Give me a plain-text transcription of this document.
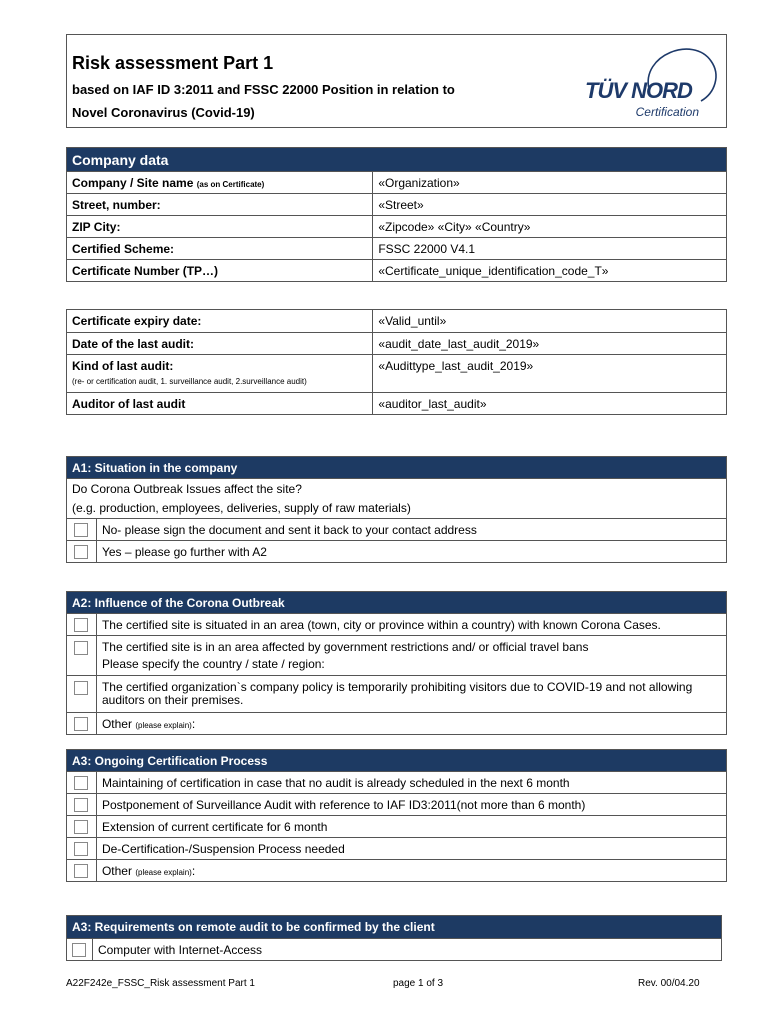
Risk assessment Part 1
based on IAF ID 3:2011 and FSSC 22000 Position in relation to
Novel Coronavirus (Covid-19)
TÜV NORD
Certification
Company data	
Company / Site name (as on Certificate)	«Organization»
Street, number:	«Street»
ZIP City:	«Zipcode» «City» «Country»
Certified Scheme:	FSSC 22000 V4.1
Certificate Number (TP…)	«Certificate_unique_identification_code_T»
Certificate expiry date:	«Valid_until»
Date of the last audit:	«audit_date_last_audit_2019»

Kind of last audit:
(re- or certification audit, 1. surveillance audit, 2.surveillance audit)	«Audittype_last_audit_2019»
Auditor of last audit	«auditor_last_audit»
A1: Situation in the company	

Do Corona Outbreak Issues affect the site?
(e.g. production, employees, deliveries, supply of raw materials)	

	No- please sign the document and sent it back to your contact address
	Yes – please go further with A2
A2: Influence of the Corona Outbreak	
	The certified site is situated in an area (town, city or province within a country) with known Corona Cases.

	The certified site is in an area affected by government restrictions and/ or official travel bans
Please specify the country / state / region:

	The certified organization`s company policy is temporarily prohibiting visitors due to COVID-19 and not allowing auditors on their premises.
	Other (please explain):
A3: Ongoing Certification Process	
	Maintaining of certification in case that no audit is already scheduled in the next 6 month
	Postponement of Surveillance Audit with reference to IAF ID3:2011(not more than 6 month)
	Extension of current certificate for 6 month
	De-Certification-/Suspension Process needed
	Other (please explain):
A3: Requirements on remote audit to be confirmed by the client
	Computer with Internet-Access
A22F242e_FSSC_Risk assessment Part 1	page 1 of 3	Rev. 00/04.20
